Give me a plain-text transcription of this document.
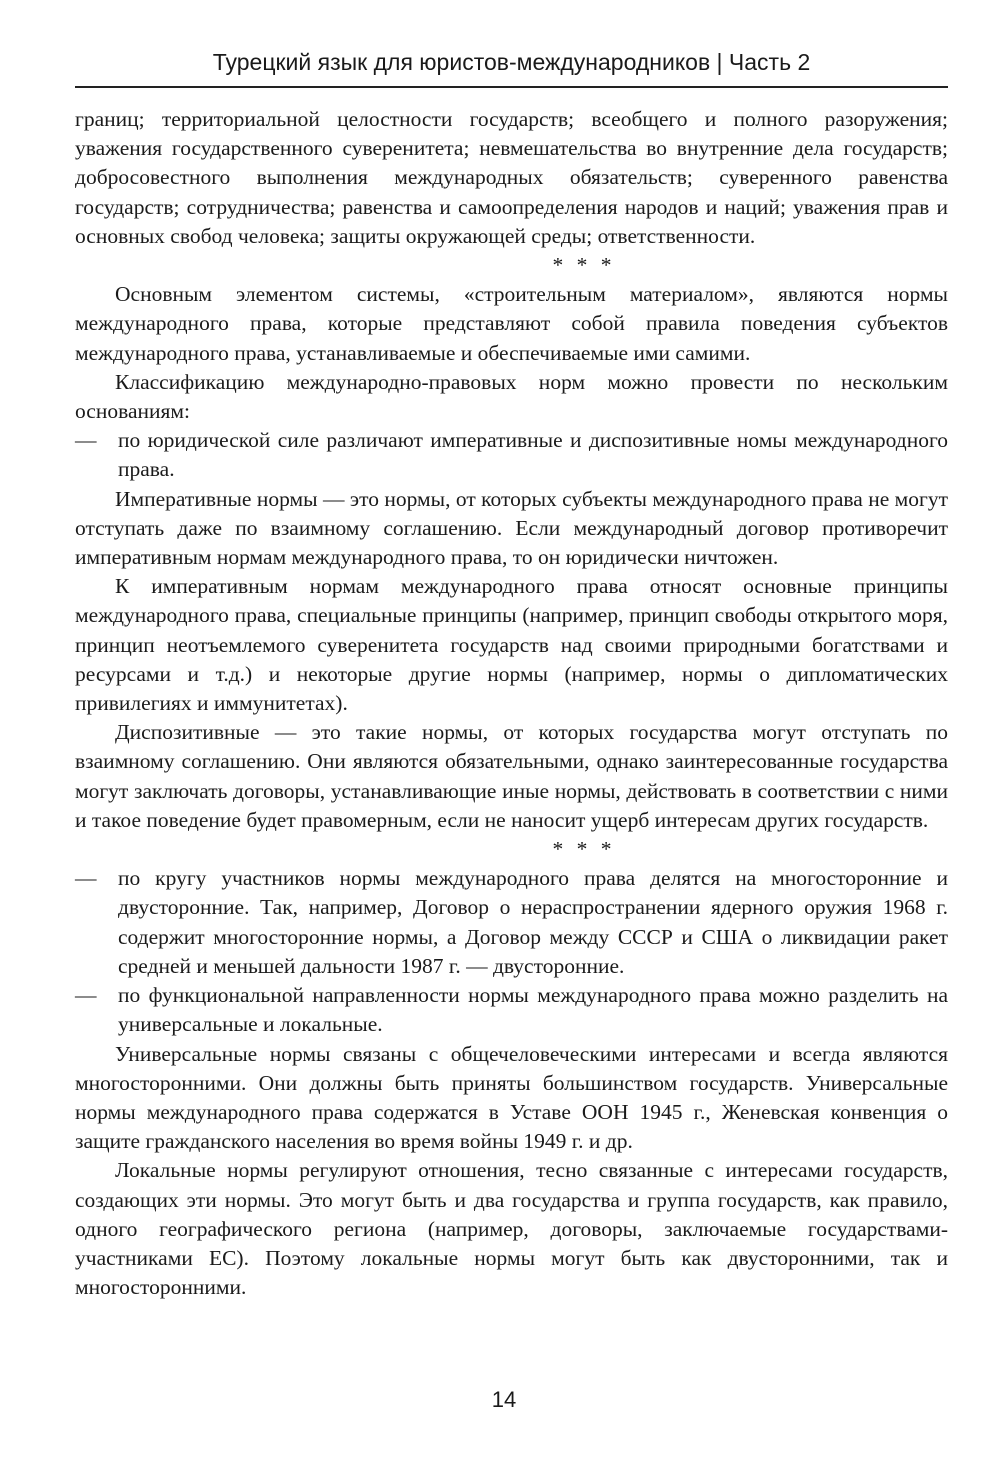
Турецкий язык для юристов-международников | Часть 2

границ; территориальной целостности государств; всеобщего и полного разоружения; уважения государственного суверенитета; невмешательства во внутренние дела государств; добросовестного выполнения международных обязательств; суверенного равенства государств; сотрудничества; равенства и самоопределения народов и наций; уважения прав и основных свобод человека; защиты окружающей среды; ответственности.

* * *

Основным элементом системы, «строительным материалом», являются нормы международного права, которые представляют собой правила поведения субъектов международного права, устанавливаемые и обеспечиваемые ими самими.

Классификацию международно-правовых норм можно провести по нескольким основаниям:

—	по юридической силе различают императивные и диспозитивные номы международного права.

Императивные нормы — это нормы, от которых субъекты международного права не могут отступать даже по взаимному соглашению. Если международный договор противоречит императивным нормам международного права, то он юридически ничтожен.

К императивным нормам международного права относят основные принципы международного права, специальные принципы (например, принцип свободы открытого моря, принцип неотъемлемого суверенитета государств над своими природными богатствами и ресурсами и т.д.) и некоторые другие нормы (например, нормы о дипломатических привилегиях и иммунитетах).

Диспозитивные — это такие нормы, от которых государства могут отступать по взаимному соглашению. Они являются обязательными, однако заинтересованные государства могут заключать договоры, устанавливающие иные нормы, действовать в соответствии с ними и такое поведение будет правомерным, если не наносит ущерб интересам других государств.

* * *

—	по кругу участников нормы международного права делятся на многосторонние и двусторонние. Так, например, Договор о нераспространении ядерного оружия 1968 г. содержит многосторонние нормы, а Договор между СССР и США о ликвидации ракет средней и меньшей дальности 1987 г. — двусторонние.
—	по функциональной направленности нормы международного права можно разделить на универсальные и локальные.

Универсальные нормы связаны с общечеловеческими интересами и всегда являются многосторонними. Они должны быть приняты большинством государств. Универсальные нормы международного права содержатся в Уставе ООН 1945 г., Женевская конвенция о защите гражданского населения во время войны 1949 г. и др.

Локальные нормы регулируют отношения, тесно связанные с интересами государств, создающих эти нормы. Это могут быть и два государства и группа государств, как правило, одного географического региона (например, договоры, заключаемые государствами-участниками ЕС). Поэтому локальные нормы могут быть как двусторонними, так и многосторонними.

14
